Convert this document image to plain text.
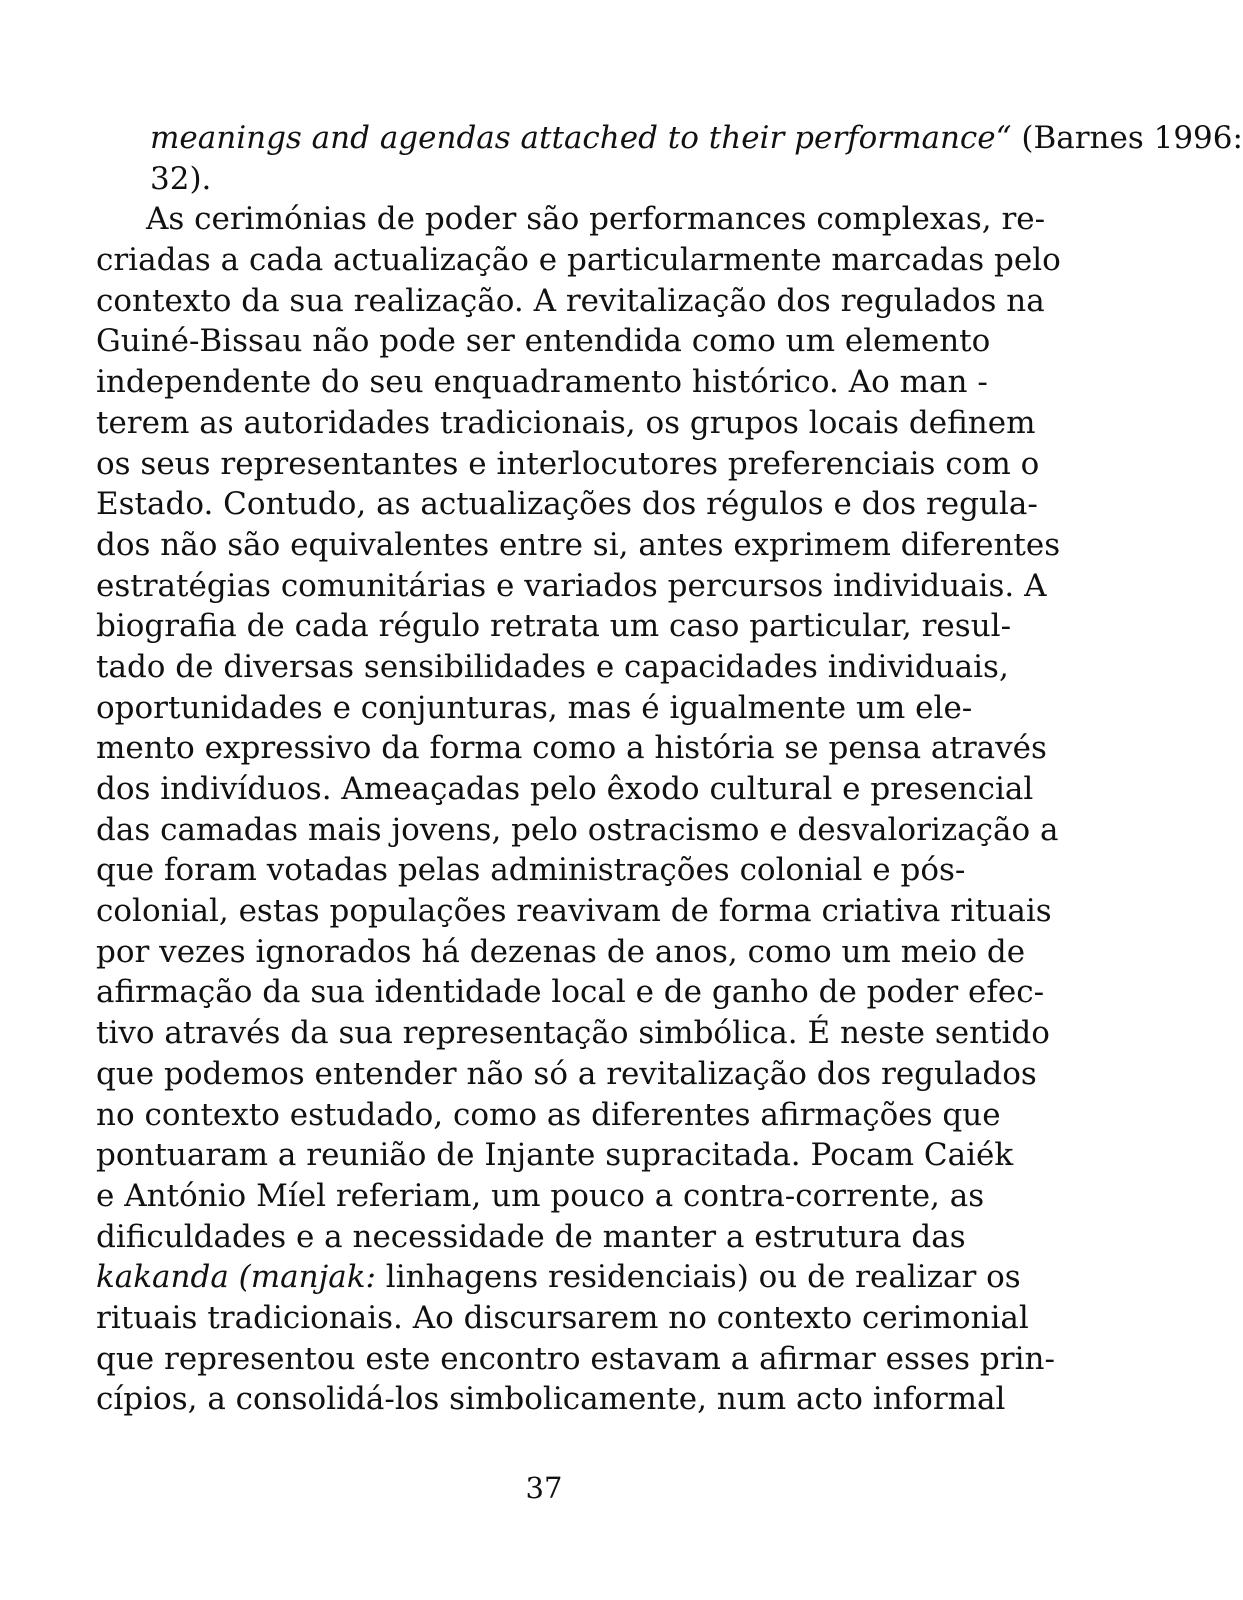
meanings and agendas attached to their performance“ (Barnes 1996:
32).
As cerimónias de poder são performances complexas, re-
criadas a cada actualização e particularmente marcadas pelo
contexto da sua realização. A revitalização dos regulados na
Guiné-Bissau não pode ser entendida como um elemento
independente do seu enquadramento histórico. Ao man -
terem as autoridades tradicionais, os grupos locais definem
os seus representantes e interlocutores preferenciais com o
Estado. Contudo, as actualizações dos régulos e dos regula-
dos não são equivalentes entre si, antes exprimem diferentes
estratégias comunitárias e variados percursos individuais. A
biografia de cada régulo retrata um caso particular, resul-
tado de diversas sensibilidades e capacidades individuais,
oportunidades e conjunturas, mas é igualmente um ele-
mento expressivo da forma como a história se pensa através
dos indivíduos. Ameaçadas pelo êxodo cultural e presencial
das camadas mais jovens, pelo ostracismo e desvalorização a
que foram votadas pelas administrações colonial e pós-
colonial, estas populações reavivam de forma criativa rituais
por vezes ignorados há dezenas de anos, como um meio de
afirmação da sua identidade local e de ganho de poder efec-
tivo através da sua representação simbólica. É neste sentido
que podemos entender não só a revitalização dos regulados
no contexto estudado, como as diferentes afirmações que
pontuaram a reunião de Injante supracitada. Pocam Caiék
e António Míel referiam, um pouco a contra-corrente, as
dificuldades e a necessidade de manter a estrutura das
kakanda (manjak: linhagens residenciais) ou de realizar os
rituais tradicionais. Ao discursarem no contexto cerimonial
que representou este encontro estavam a afirmar esses prin-
cípios, a consolidá-los simbolicamente, num acto informal
37
